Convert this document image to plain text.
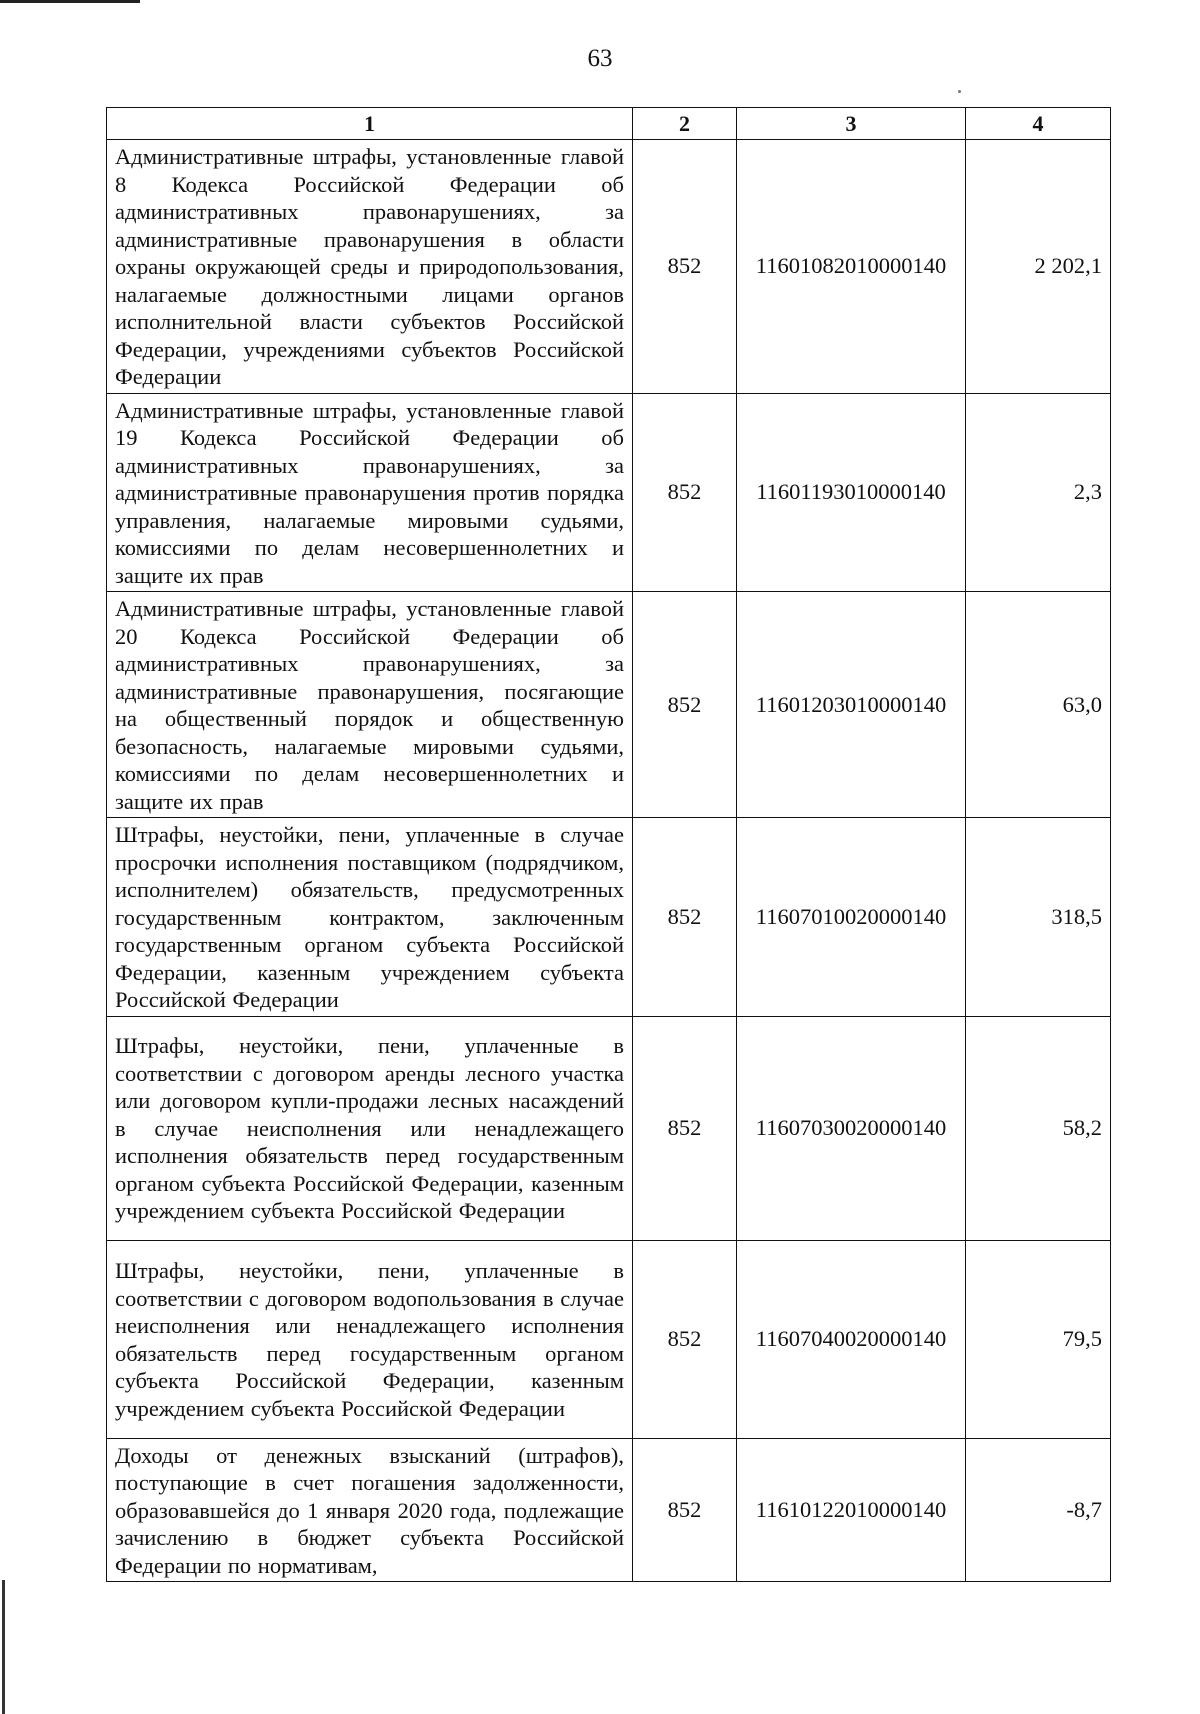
63
1	2	3	4
Административные штрафы, установленные главой 8 Кодекса Российской Федерации об административных правонарушениях, за административные правонарушения в области охраны окружающей среды и природопользования, налагаемые должностными лицами органов исполнительной власти субъектов Российской Федерации, учреждениями субъектов Российской Федерации	852	11601082010000140	2 202,1
Административные штрафы, установленные главой 19 Кодекса Российской Федерации об административных правонарушениях, за административные правонарушения против порядка управления, налагаемые мировыми судьями, комиссиями по делам несовершеннолетних и защите их прав	852	11601193010000140	2,3
Административные штрафы, установленные главой 20 Кодекса Российской Федерации об административных правонарушениях, за административные правонарушения, посягающие на общественный порядок и общественную безопасность, налагаемые мировыми судьями, комиссиями по делам несовершеннолетних и защите их прав	852	11601203010000140	63,0
Штрафы, неустойки, пени, уплаченные в случае просрочки исполнения поставщиком (подрядчиком, исполнителем) обязательств, предусмотренных государственным контрактом, заключенным государственным органом субъекта Российской Федерации, казенным учреждением субъекта Российской Федерации	852	11607010020000140	318,5
Штрафы, неустойки, пени, уплаченные в соответствии с договором аренды лесного участка или договором купли-продажи лесных насаждений в случае неисполнения или ненадлежащего исполнения обязательств перед государственным органом субъекта Российской Федерации, казенным учреждением субъекта Российской Федерации	852	11607030020000140	58,2
Штрафы, неустойки, пени, уплаченные в соответствии с договором водопользования в случае неисполнения или ненадлежащего исполнения обязательств перед государственным органом субъекта Российской Федерации, казенным учреждением субъекта Российской Федерации	852	11607040020000140	79,5
Доходы от денежных взысканий (штрафов), поступающие в счет погашения задолженности, образовавшейся до 1 января 2020 года, подлежащие зачислению в бюджет субъекта Российской Федерации по нормативам,	852	11610122010000140	-8,7
